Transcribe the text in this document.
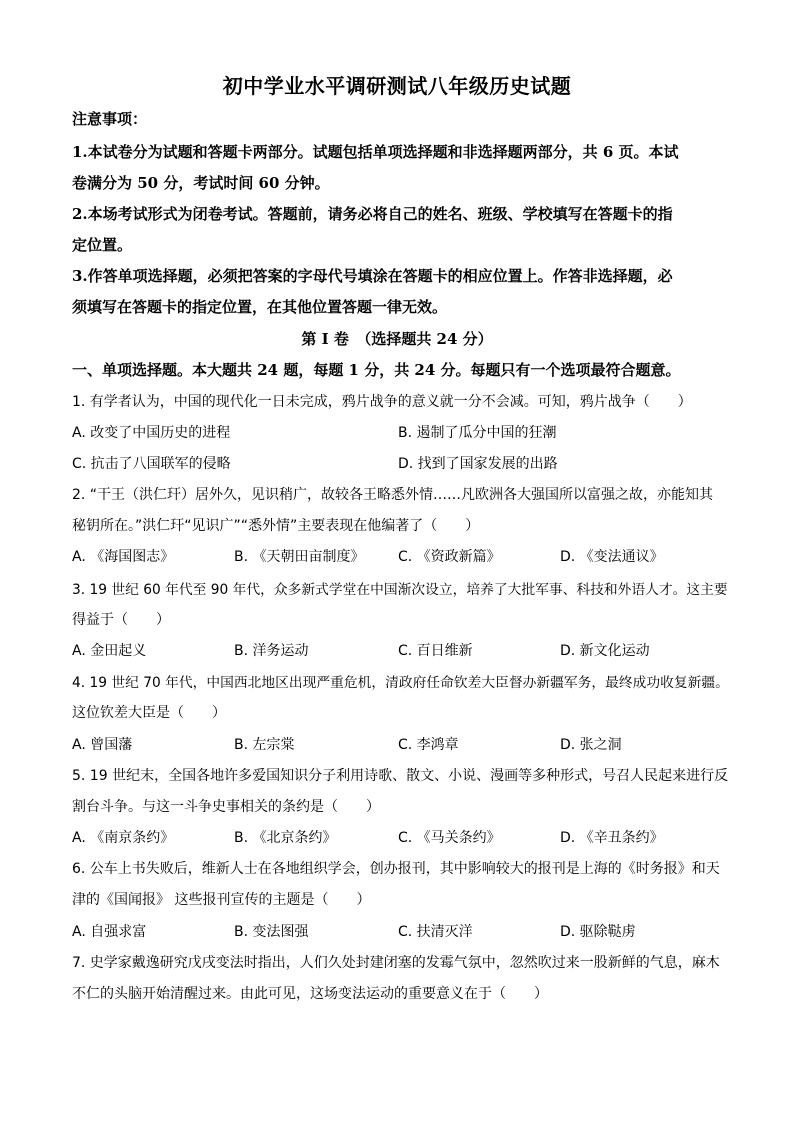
初中学业水平调研测试八年级历史试题
注意事项：
1.本试卷分为试题和答题卡两部分。试题包括单项选择题和非选择题两部分，共 6 页。本试
卷满分为 50 分，考试时间 60 分钟。
2.本场考试形式为闭卷考试。答题前，请务必将自己的姓名、班级、学校填写在答题卡的指
定位置。
3.作答单项选择题，必须把答案的字母代号填涂在答题卡的相应位置上。作答非选择题，必
须填写在答题卡的指定位置，在其他位置答题一律无效。
第 I 卷　（选择题共 24 分）
一、单项选择题。本大题共 24 题，每题 1 分，共 24 分。每题只有一个选项最符合题意。
1. 有学者认为，中国的现代化一日未完成，鸦片战争的意义就一分不会减。可知，鸦片战争（　　）
A. 改变了中国历史的进程	B. 遏制了瓜分中国的狂潮
C. 抗击了八国联军的侵略	D. 找到了国家发展的出路
2. “干王（洪仁玕）居外久，见识稍广，故较各王略悉外情……凡欧洲各大强国所以富强之故，亦能知其
秘钥所在。”洪仁玕“见识广”“悉外情”主要表现在他编著了（　　）
A. 《海国图志》	B. 《天朝田亩制度》 C. 《资政新篇》	D. 《变法通议》
3. 19 世纪 60 年代至 90 年代，众多新式学堂在中国渐次设立，培养了大批军事、科技和外语人才。这主要
得益于（　　）
A. 金田起义	B. 洋务运动	C. 百日维新	D. 新文化运动
4. 19 世纪 70 年代，中国西北地区出现严重危机，清政府任命钦差大臣督办新疆军务，最终成功收复新疆。
这位钦差大臣是（　　）
A. 曾国藩	B. 左宗棠	C. 李鸿章	D. 张之洞
5. 19 世纪末，全国各地许多爱国知识分子利用诗歌、散文、小说、漫画等多种形式，号召人民起来进行反
割台斗争。与这一斗争史事相关的条约是（　　）
A. 《南京条约》	B. 《北京条约》	C. 《马关条约》	D. 《辛丑条约》
6. 公车上书失败后，维新人士在各地组织学会，创办报刊，其中影响较大的报刊是上海的《时务报》和天
津的《国闻报》 这些报刊宣传的主题是（　　）
A. 自强求富	B. 变法图强	C. 扶清灭洋	D. 驱除鞑虏
7. 史学家戴逸研究戊戌变法时指出，人们久处封建闭塞的发霉气氛中，忽然吹过来一股新鲜的气息，麻木
不仁的头脑开始清醒过来。由此可见，这场变法运动的重要意义在于（　　）
